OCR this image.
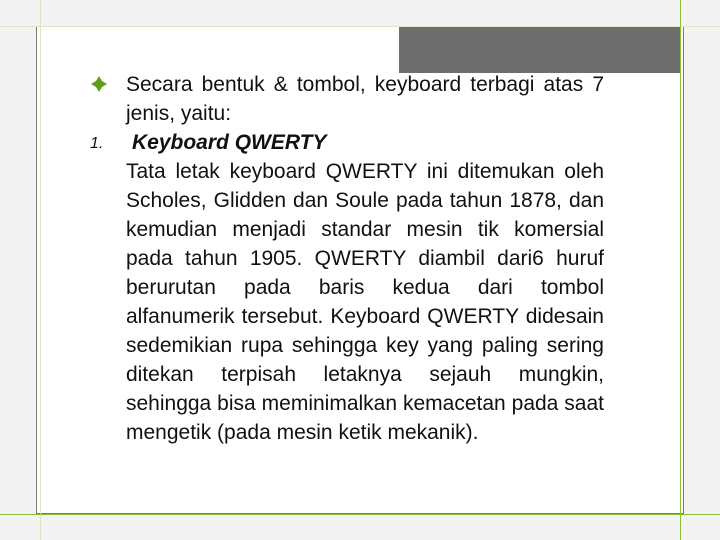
Secara bentuk & tombol, keyboard terbagi atas 7 jenis, yaitu:
1. Keyboard QWERTY
Tata letak keyboard QWERTY ini ditemukan oleh Scholes, Glidden dan Soule pada tahun 1878, dan kemudian menjadi standar mesin tik komersial pada tahun 1905. QWERTY diambil dari6 huruf berurutan pada baris kedua dari tombol alfanumerik tersebut. Keyboard QWERTY didesain sedemikian rupa sehingga key yang paling sering ditekan terpisah letaknya sejauh mungkin, sehingga bisa meminimalkan kemacetan pada saat mengetik (pada mesin ketik mekanik).
